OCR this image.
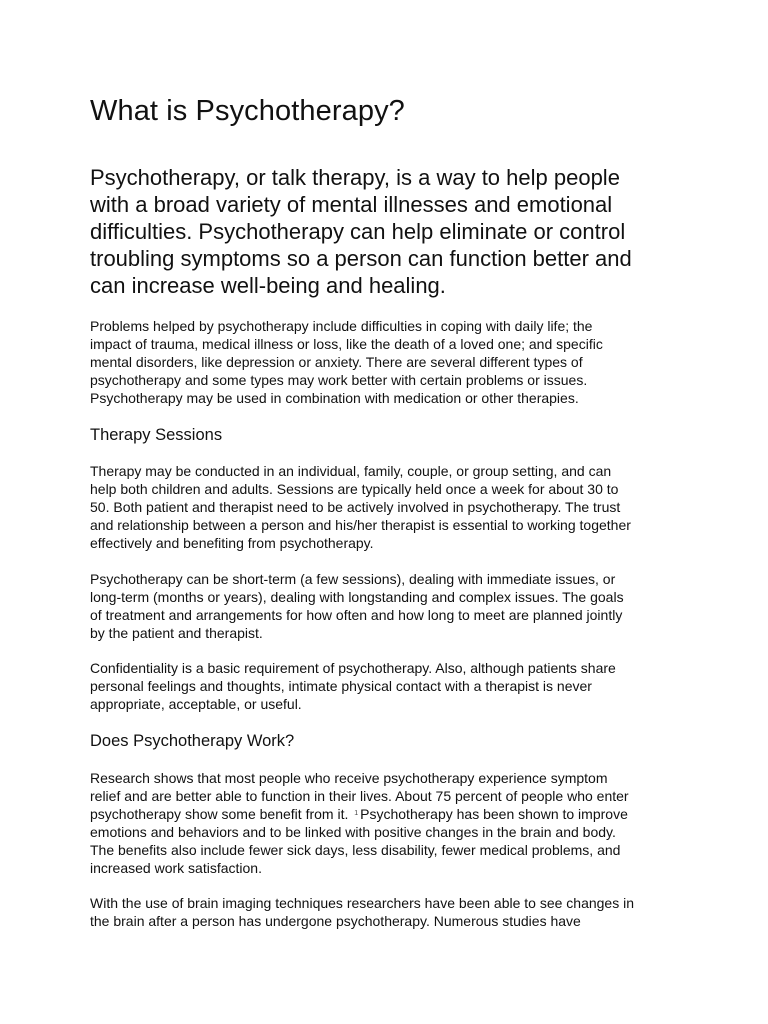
What is Psychotherapy?

Psychotherapy, or talk therapy, is a way to help people
with a broad variety of mental illnesses and emotional
difficulties. Psychotherapy can help eliminate or control
troubling symptoms so a person can function better and
can increase well-being and healing.

Problems helped by psychotherapy include difficulties in coping with daily life; the
impact of trauma, medical illness or loss, like the death of a loved one; and specific
mental disorders, like depression or anxiety. There are several different types of
psychotherapy and some types may work better with certain problems or issues.
Psychotherapy may be used in combination with medication or other therapies.

Therapy Sessions

Therapy may be conducted in an individual, family, couple, or group setting, and can
help both children and adults. Sessions are typically held once a week for about 30 to
50. Both patient and therapist need to be actively involved in psychotherapy. The trust
and relationship between a person and his/her therapist is essential to working together
effectively and benefiting from psychotherapy.

Psychotherapy can be short-term (a few sessions), dealing with immediate issues, or
long-term (months or years), dealing with longstanding and complex issues. The goals
of treatment and arrangements for how often and how long to meet are planned jointly
by the patient and therapist.

Confidentiality is a basic requirement of psychotherapy. Also, although patients share
personal feelings and thoughts, intimate physical contact with a therapist is never
appropriate, acceptable, or useful.

Does Psychotherapy Work?

Research shows that most people who receive psychotherapy experience symptom
relief and are better able to function in their lives. About 75 percent of people who enter
psychotherapy show some benefit from it. $^1$ Psychotherapy has been shown to improve
emotions and behaviors and to be linked with positive changes in the brain and body.
The benefits also include fewer sick days, less disability, fewer medical problems, and
increased work satisfaction.

With the use of brain imaging techniques researchers have been able to see changes in
the brain after a person has undergone psychotherapy. Numerous studies have
